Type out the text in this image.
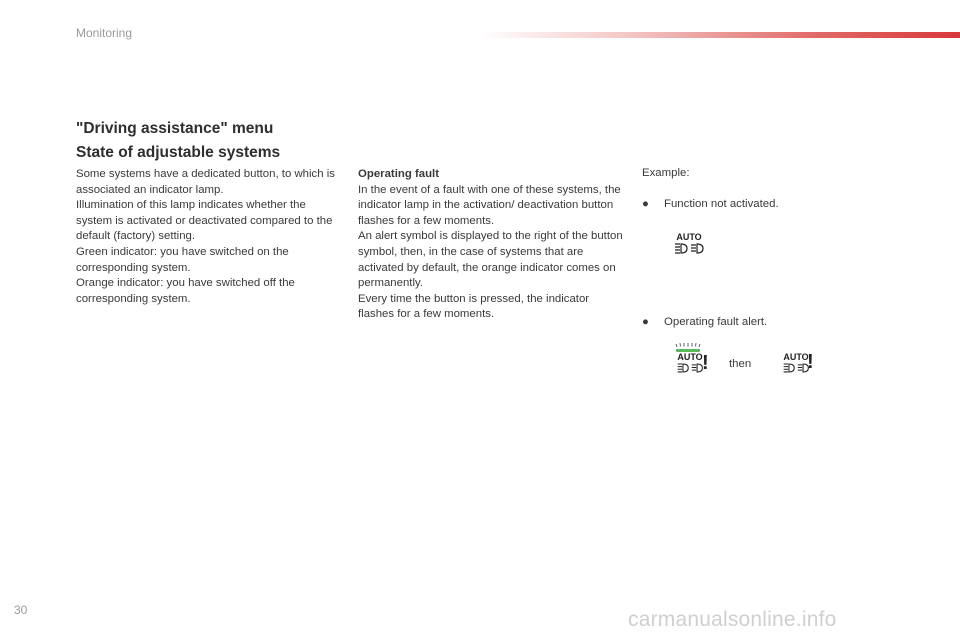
Monitoring
"Driving assistance" menu
State of adjustable systems

Some systems have a dedicated button, to which is associated an indicator lamp.

Illumination of this lamp indicates whether the system is activated or deactivated compared to the default (factory) setting.

Green indicator: you have switched on the corresponding system.

Orange indicator: you have switched off the corresponding system.

Operating fault

In the event of a fault with one of these systems, the indicator lamp in the activation/ deactivation button flashes for a few moments.

An alert symbol is displayed to the right of the button symbol, then, in the case of systems that are activated by default, the orange indicator comes on permanently.

Every time the button is pressed, the indicator flashes for a few moments.

Example:
● Function not activated.
AUTO
● Operating fault alert.
AUTO ! then
AUTO
!
30	carmanualsonline.info
